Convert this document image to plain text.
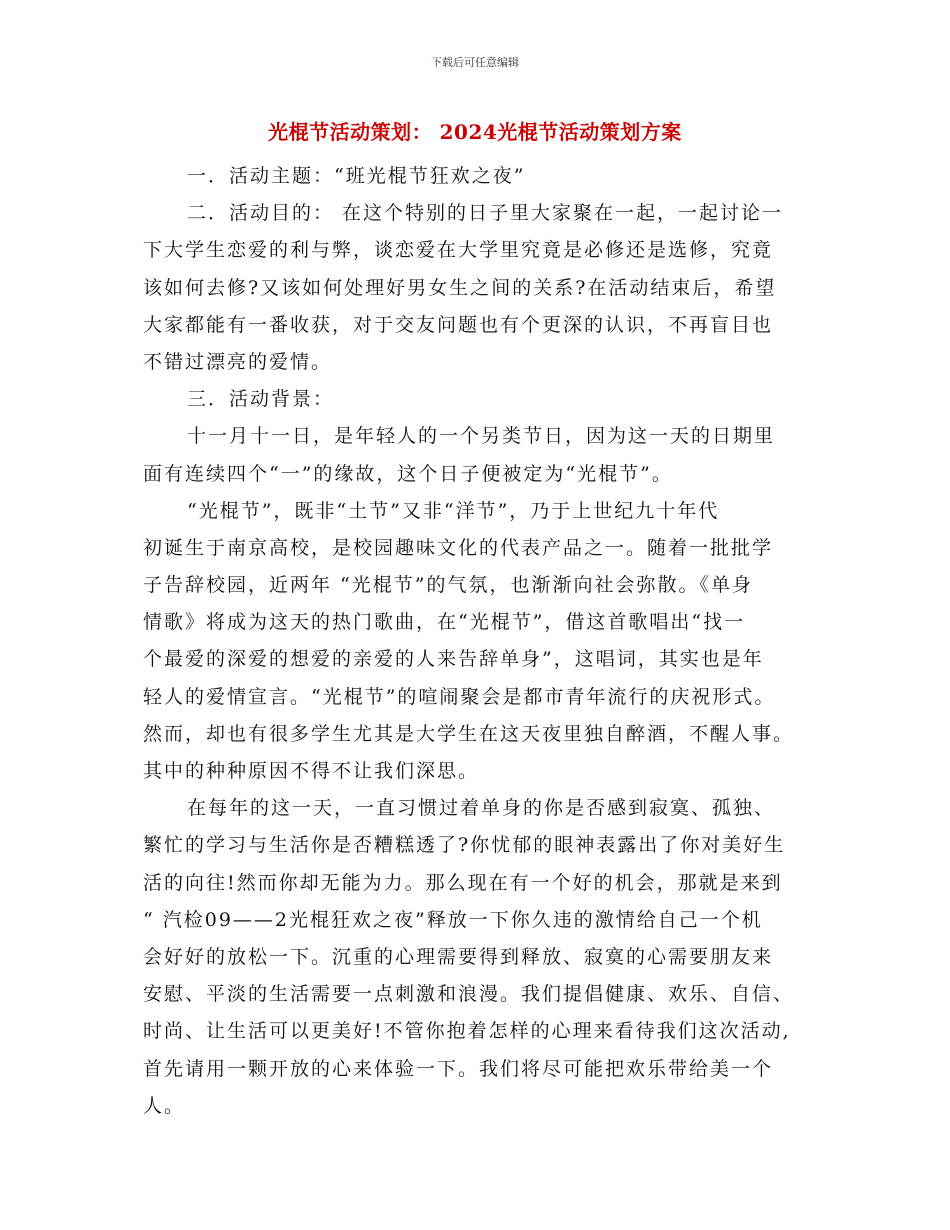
下载后可任意编辑
光棍节活动策划： 2024光棍节活动策划方案
一．活动主题：“班光棍节狂欢之夜”
二．活动目的： 在这个特别的日子里大家聚在一起，一起讨论一
下大学生恋爱的利与弊，谈恋爱在大学里究竟是必修还是选修，究竟
该如何去修?又该如何处理好男女生之间的关系?在活动结束后，希望
大家都能有一番收获，对于交友问题也有个更深的认识，不再盲目也
不错过漂亮的爱情。
三．活动背景：
十一月十一日，是年轻人的一个另类节日，因为这一天的日期里
面有连续四个“一”的缘故，这个日子便被定为“光棍节”。
“光棍节”，既非“土节”又非“洋节”，乃于上世纪九十年代
初诞生于南京高校，是校园趣味文化的代表产品之一。随着一批批学
子告辞校园，近两年 “光棍节”的气氛，也渐渐向社会弥散。《单身
情歌》将成为这天的热门歌曲，在“光棍节”，借这首歌唱出“找一
个最爱的深爱的想爱的亲爱的人来告辞单身”，这唱词，其实也是年
轻人的爱情宣言。“光棍节”的喧闹聚会是都市青年流行的庆祝形式。
然而，却也有很多学生尤其是大学生在这天夜里独自醉酒，不醒人事。
其中的种种原因不得不让我们深思。
在每年的这一天，一直习惯过着单身的你是否感到寂寞、孤独、
繁忙的学习与生活你是否糟糕透了?你忧郁的眼神表露出了你对美好生
活的向往!然而你却无能为力。那么现在有一个好的机会，那就是来到
“ 汽检09——2光棍狂欢之夜”释放一下你久违的激情给自己一个机
会好好的放松一下。沉重的心理需要得到释放、寂寞的心需要朋友来
安慰、平淡的生活需要一点刺激和浪漫。我们提倡健康、欢乐、自信、
时尚、让生活可以更美好!不管你抱着怎样的心理来看待我们这次活动,
首先请用一颗开放的心来体验一下。我们将尽可能把欢乐带给美一个
人。
